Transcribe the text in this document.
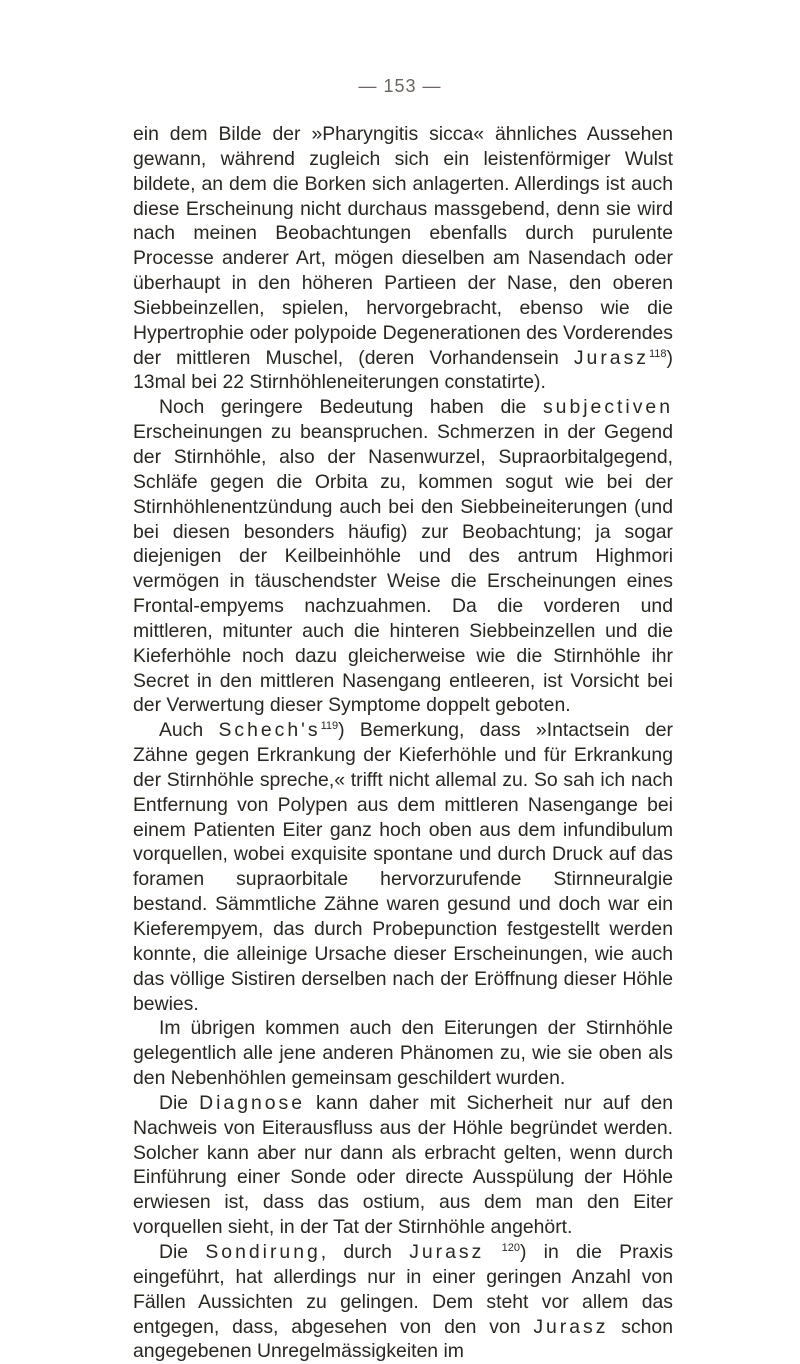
— 153 —

ein dem Bilde der »Pharyngitis sicca« ähnliches Aussehen gewann, während zugleich sich ein leistenförmiger Wulst bildete, an dem die Borken sich anlagerten. Allerdings ist auch diese Erscheinung nicht durchaus massgebend, denn sie wird nach meinen Beobachtungen ebenfalls durch purulente Processe anderer Art, mögen dieselben am Nasendach oder überhaupt in den höheren Partieen der Nase, den oberen Siebbeinzellen, spielen, hervorgebracht, ebenso wie die Hypertrophie oder polypoide Degenerationen des Vorderendes der mittleren Muschel, (deren Vorhandensein Jurasz$^{118}$) 13mal bei 22 Stirnhöhleneiterungen constatirte).

Noch geringere Bedeutung haben die subjectiven Erscheinungen zu beanspruchen. Schmerzen in der Gegend der Stirnhöhle, also der Nasenwurzel, Supraorbitalgegend, Schläfe gegen die Orbita zu, kommen sogut wie bei der Stirnhöhlenentzündung auch bei den Siebbeineiterungen (und bei diesen besonders häufig) zur Beobachtung; ja sogar diejenigen der Keilbeinhöhle und des antrum Highmori vermögen in täuschendster Weise die Erscheinungen eines Frontal-empyems nachzuahmen. Da die vorderen und mittleren, mitunter auch die hinteren Siebbeinzellen und die Kieferhöhle noch dazu gleicherweise wie die Stirnhöhle ihr Secret in den mittleren Nasengang entleeren, ist Vorsicht bei der Verwertung dieser Symptome doppelt geboten.

Auch $Schech's^{119}$) Bemerkung, dass »Intactsein der Zähne gegen Erkrankung der Kieferhöhle und für Erkrankung der Stirnhöhle spreche,« trifft nicht allemal zu. So sah ich nach Entfernung von Polypen aus dem mittleren Nasengange bei einem Patienten Eiter ganz hoch oben aus dem infundibulum vorquellen, wobei exquisite spontane und durch Druck auf das foramen supraorbitale hervorzurufende Stirnneuralgie bestand. Sämmtliche Zähne waren gesund und doch war ein Kieferempyem, das durch Probepunction festgestellt werden konnte, die alleinige Ursache dieser Erscheinungen, wie auch das völlige Sistiren derselben nach der Eröffnung dieser Höhle bewies.

Im übrigen kommen auch den Eiterungen der Stirnhöhle gelegentlich alle jene anderen Phänomen zu, wie sie oben als den Nebenhöhlen gemeinsam geschildert wurden.

Die Diagnose kann daher mit Sicherheit nur auf den Nachweis von Eiterausfluss aus der Höhle begründet werden. Solcher kann aber nur dann als erbracht gelten, wenn durch Einführung einer Sonde oder directe Ausspülung der Höhle erwiesen ist, dass das ostium, aus dem man den Eiter vorquellen sieht, in der Tat der Stirnhöhle angehört.

Die Sondirung, durch Jurasz $^{120}$) in die Praxis eingeführt, hat allerdings nur in einer geringen Anzahl von Fällen Aussichten zu gelingen. Dem steht vor allem das entgegen, dass, abgesehen von den von Jurasz schon angegebenen Unregelmässigkeiten im
